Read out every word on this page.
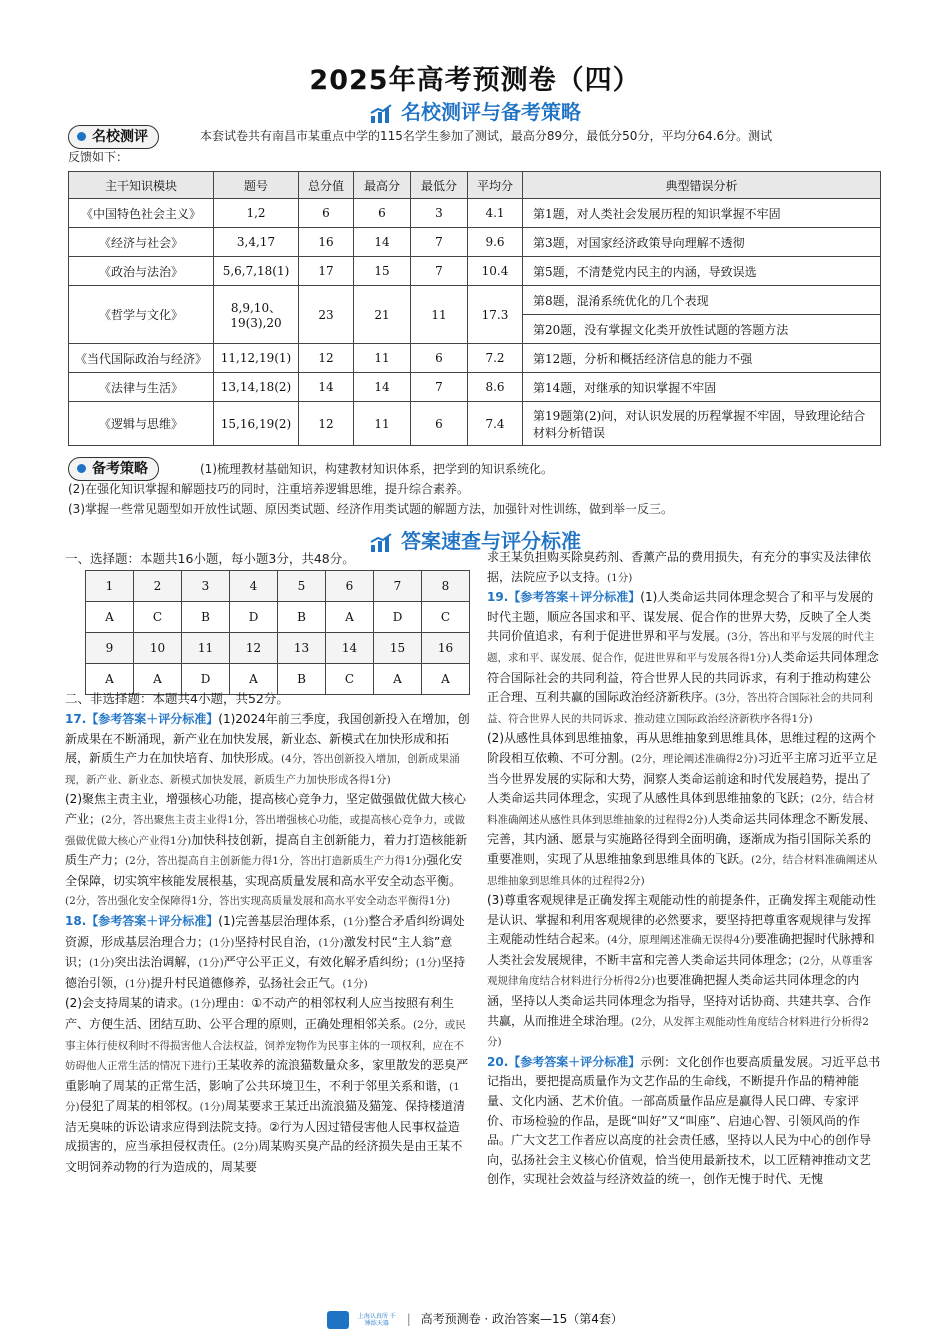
2025年高考预测卷（四）
名校测评与备考策略
名校测评	本套试卷共有南昌市某重点中学的115名学生参加了测试，最高分89分，最低分50分，平均分64.6分。测试
反馈如下：
主干知识模块	题号	总分值	最高分	最低分	平均分	典型错误分析
《中国特色社会主义》	1,2	6	6	3	4.1	第1题，对人类社会发展历程的知识掌握不牢固
《经济与社会》	3,4,17	16	14	7	9.6	第3题，对国家经济政策导向理解不透彻
《政治与法治》	5,6,7,18(1)	17	15	7	10.4	第5题，不清楚党内民主的内涵，导致误选
《哲学与文化》	8,9,10、19(3),20	23	21	11	17.3	第8题，混淆系统优化的几个表现
						第20题，没有掌握文化类开放性试题的答题方法
《当代国际政治与经济》	11,12,19(1)	12	11	6	7.2	第12题，分析和概括经济信息的能力不强
《法律与生活》	13,14,18(2)	14	14	7	8.6	第14题，对继承的知识掌握不牢固
《逻辑与思维》	15,16,19(2)	12	11	6	7.4	第19题第(2)问，对认识发展的历程掌握不牢固，导致理论结合材料分析错误
备考策略	(1)梳理教材基础知识，构建教材知识体系，把学到的知识系统化。
(2)在强化知识掌握和解题技巧的同时，注重培养逻辑思维，提升综合素养。
(3)掌握一些常见题型如开放性试题、原因类试题、经济作用类试题的解题方法，加强针对性训练，做到举一反三。
答案速查与评分标准
一、选择题：本题共16小题，每小题3分，共48分。
1	2	3	4	5	6	7	8
A	C	B	D	B	A	D	C
9	10	11	12	13	14	15	16
A	A	D	A	B	C	A	A
二、非选择题：本题共4小题，共52分。

17.【参考答案＋评分标准】(1)2024年前三季度，我国创新投入在增加，创新成果在不断涌现，新产业在加快发展，新业态、新模式在加快形成和拓展，新质生产力在加快培育、加快形成。(4分，答出创新投入增加，创新成果涌现，新产业、新业态、新模式加快发展，新质生产力加快形成各得1分)

(2)聚焦主责主业，增强核心功能，提高核心竞争力，坚定做强做优做大核心产业；(2分，答出聚焦主责主业得1分，答出增强核心功能，或提高核心竞争力，或做强做优做大核心产业得1分)加快科技创新，提高自主创新能力，着力打造核能新质生产力；(2分，答出提高自主创新能力得1分，答出打造新质生产力得1分)强化安全保障，切实筑牢核能发展根基，实现高质量发展和高水平安全动态平衡。(2分，答出强化安全保障得1分，答出实现高质量发展和高水平安全动态平衡得1分)

18.【参考答案＋评分标准】(1)完善基层治理体系，(1分)整合矛盾纠纷调处资源，形成基层治理合力；(1分)坚持村民自治，(1分)激发村民“主人翁”意识；(1分)突出法治调解，(1分)严守公平正义，有效化解矛盾纠纷；(1分)坚持德治引领，(1分)提升村民道德修养，弘扬社会正气。(1分)

(2)会支持周某的请求。(1分)理由：①不动产的相邻权利人应当按照有利生产、方便生活、团结互助、公平合理的原则，正确处理相邻关系。(2分，或民事主体行使权利时不得损害他人合法权益，饲养宠物作为民事主体的一项权利，应在不妨碍他人正常生活的情况下进行)王某收养的流浪猫数量众多，家里散发的恶臭严重影响了周某的正常生活，影响了公共环境卫生，不利于邻里关系和谐，(1分)侵犯了周某的相邻权。(1分)周某要求王某迁出流浪猫及猫笼、保持楼道清洁无臭味的诉讼请求应得到法院支持。②行为人因过错侵害他人民事权益造成损害的，应当承担侵权责任。(2分)周某购买臭产品的经济损失是由王某不文明饲养动物的行为造成的，周某要

求王某负担购买除臭药剂、香薰产品的费用损失，有充分的事实及法律依据，法院应予以支持。(1分)

19.【参考答案＋评分标准】(1)人类命运共同体理念契合了和平与发展的时代主题，顺应各国求和平、谋发展、促合作的世界大势，反映了全人类共同价值追求，有利于促进世界和平与发展。(3分，答出和平与发展的时代主题，求和平、谋发展、促合作，促进世界和平与发展各得1分)人类命运共同体理念符合国际社会的共同利益，符合世界人民的共同诉求，有利于推动构建公正合理、互利共赢的国际政治经济新秩序。(3分，答出符合国际社会的共同利益、符合世界人民的共同诉求、推动建立国际政治经济新秩序各得1分)

(2)从感性具体到思维抽象，再从思维抽象到思维具体，思维过程的这两个阶段相互依赖、不可分割。(2分，理论阐述准确得2分)习近平主席习近平立足当今世界发展的实际和大势，洞察人类命运前途和时代发展趋势，提出了人类命运共同体理念，实现了从感性具体到思维抽象的飞跃；(2分，结合材料准确阐述从感性具体到思维抽象的过程得2分)人类命运共同体理念不断发展、完善，其内涵、愿景与实施路径得到全面明确，逐渐成为指引国际关系的重要准则，实现了从思维抽象到思维具体的飞跃。(2分，结合材料准确阐述从思维抽象到思维具体的过程得2分)

(3)尊重客观规律是正确发挥主观能动性的前提条件，正确发挥主观能动性是认识、掌握和利用客观规律的必然要求，要坚持把尊重客观规律与发挥主观能动性结合起来。(4分，原理阐述准确无误得4分)要准确把握时代脉搏和人类社会发展规律，不断丰富和完善人类命运共同体理念；(2分，从尊重客观规律角度结合材料进行分析得2分)也要准确把握人类命运共同体理念的内涵，坚持以人类命运共同体理念为指导，坚持对话协商、共建共享、合作共赢，从而推进全球治理。(2分，从发挥主观能动性角度结合材料进行分析得2分)

20.【参考答案＋评分标准】示例：文化创作也要高质量发展。习近平总书记指出，要把提高质量作为文艺作品的生命线，不断提升作品的精神能量、文化内涵、艺术价值。一部高质量作品应是赢得人民口碑、专家评价、市场检验的作品，是既“叫好”又“叫座”、启迪心智、引领风尚的作品。广大文艺工作者应以高度的社会责任感，坚持以人民为中心的创作导向，弘扬社会主义核心价值观，恰当使用最新技术，以工匠精神推动文艺创作，实现社会效益与经济效益的统一，创作无愧于时代、无愧

上海认真所 千锤练天器 | 高考预测卷 · 政治答案—15（第4套）
